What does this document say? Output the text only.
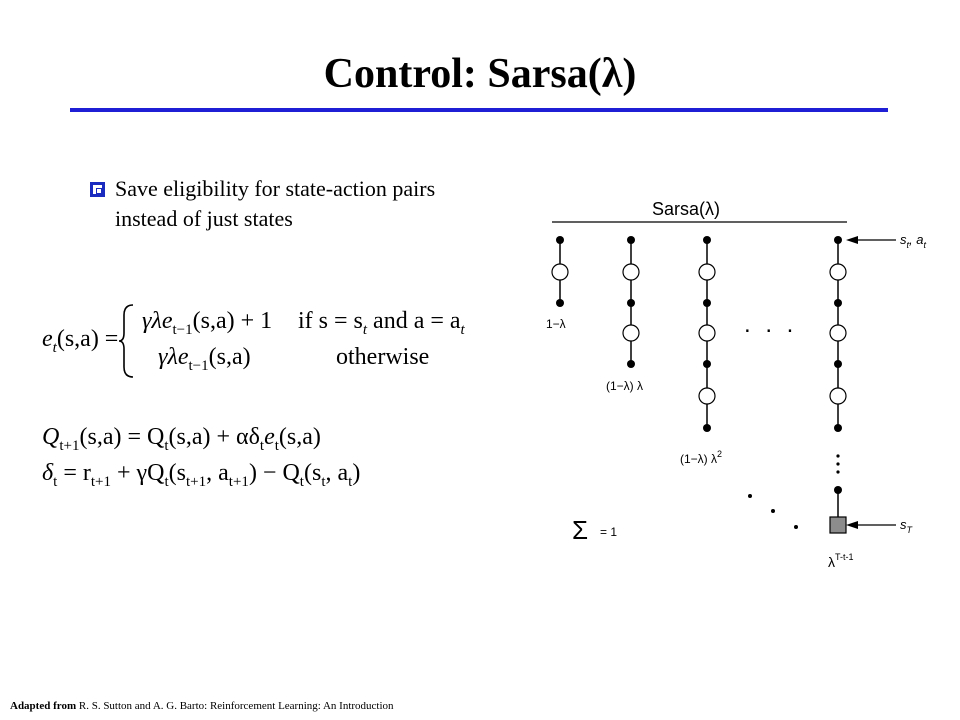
Control: Sarsa(λ)
Save eligibility for state-action pairs instead of just states
$e_t(s,a)$ =
γλe$_{t-1}$(s,a) + 1 if $s = s_t$ and $a = a_t$
γλe$_{t-1}$(s,a)	otherwise
$Q_{t+1}(s,a) = Q_t(s,a) + \alpha\delta_te_t(s,a)$
$\delta_t = r_{t+1} + \gamma Q_t(s_{t+1}$, $a_{t+1}) - Q_t(s_t$, $a_t$)
Sarsa(λ)
1−λ
(1−λ) λ
(1−λ) $\lambda^2$
. . .
$\lambda^{T-t-1}$
$s_t$, $a_t$
$s_T$
Σ = 1
Adapted from R. S. Sutton and A. G. Barto: Reinforcement Learning: An Introduction
